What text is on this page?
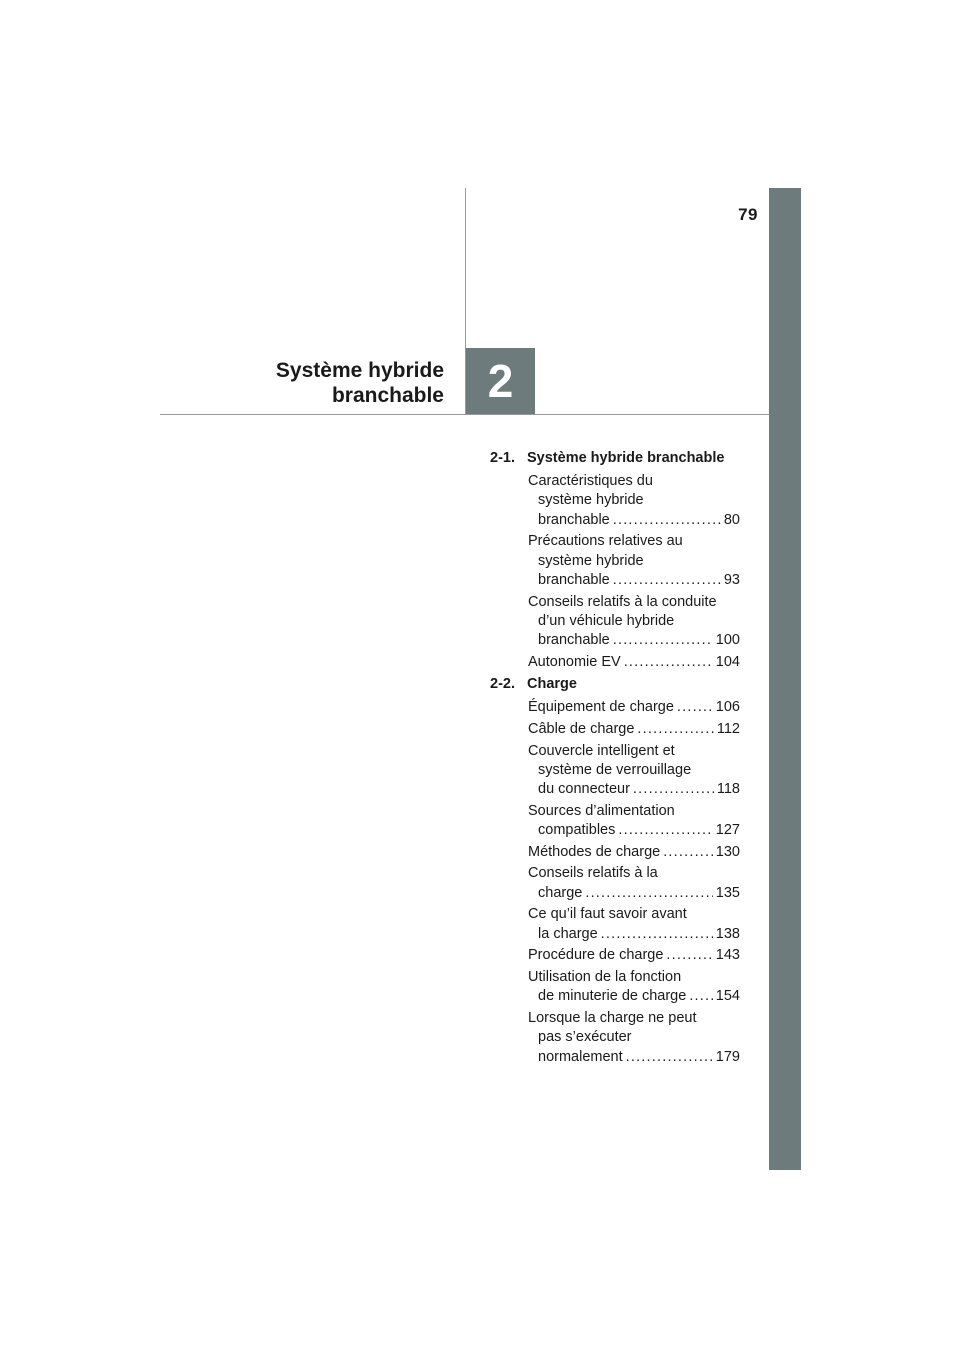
79
Système hybride
branchable 2
2-1. Système hybride branchable
Caractéristiques du
système hybride
branchable .....	80
Précautions relatives au
système hybride
branchable .....	93
Conseils relatifs à la conduite
d’un véhicule hybride
branchable .....	100
Autonomie EV .....	104
2-2. Charge
Équipement de charge .....	106
Câble de charge .....	112
Couvercle intelligent et
système de verrouillage
du connecteur .....	118
Sources d’alimentation
compatibles .....	127
Méthodes de charge .....	130
Conseils relatifs à la
charge .....	135
Ce qu’il faut savoir avant
la charge .....	138
Procédure de charge .....	143
Utilisation de la fonction
de minuterie de charge ..... 154
Lorsque la charge ne peut
pas s’exécuter
normalement .....	179
